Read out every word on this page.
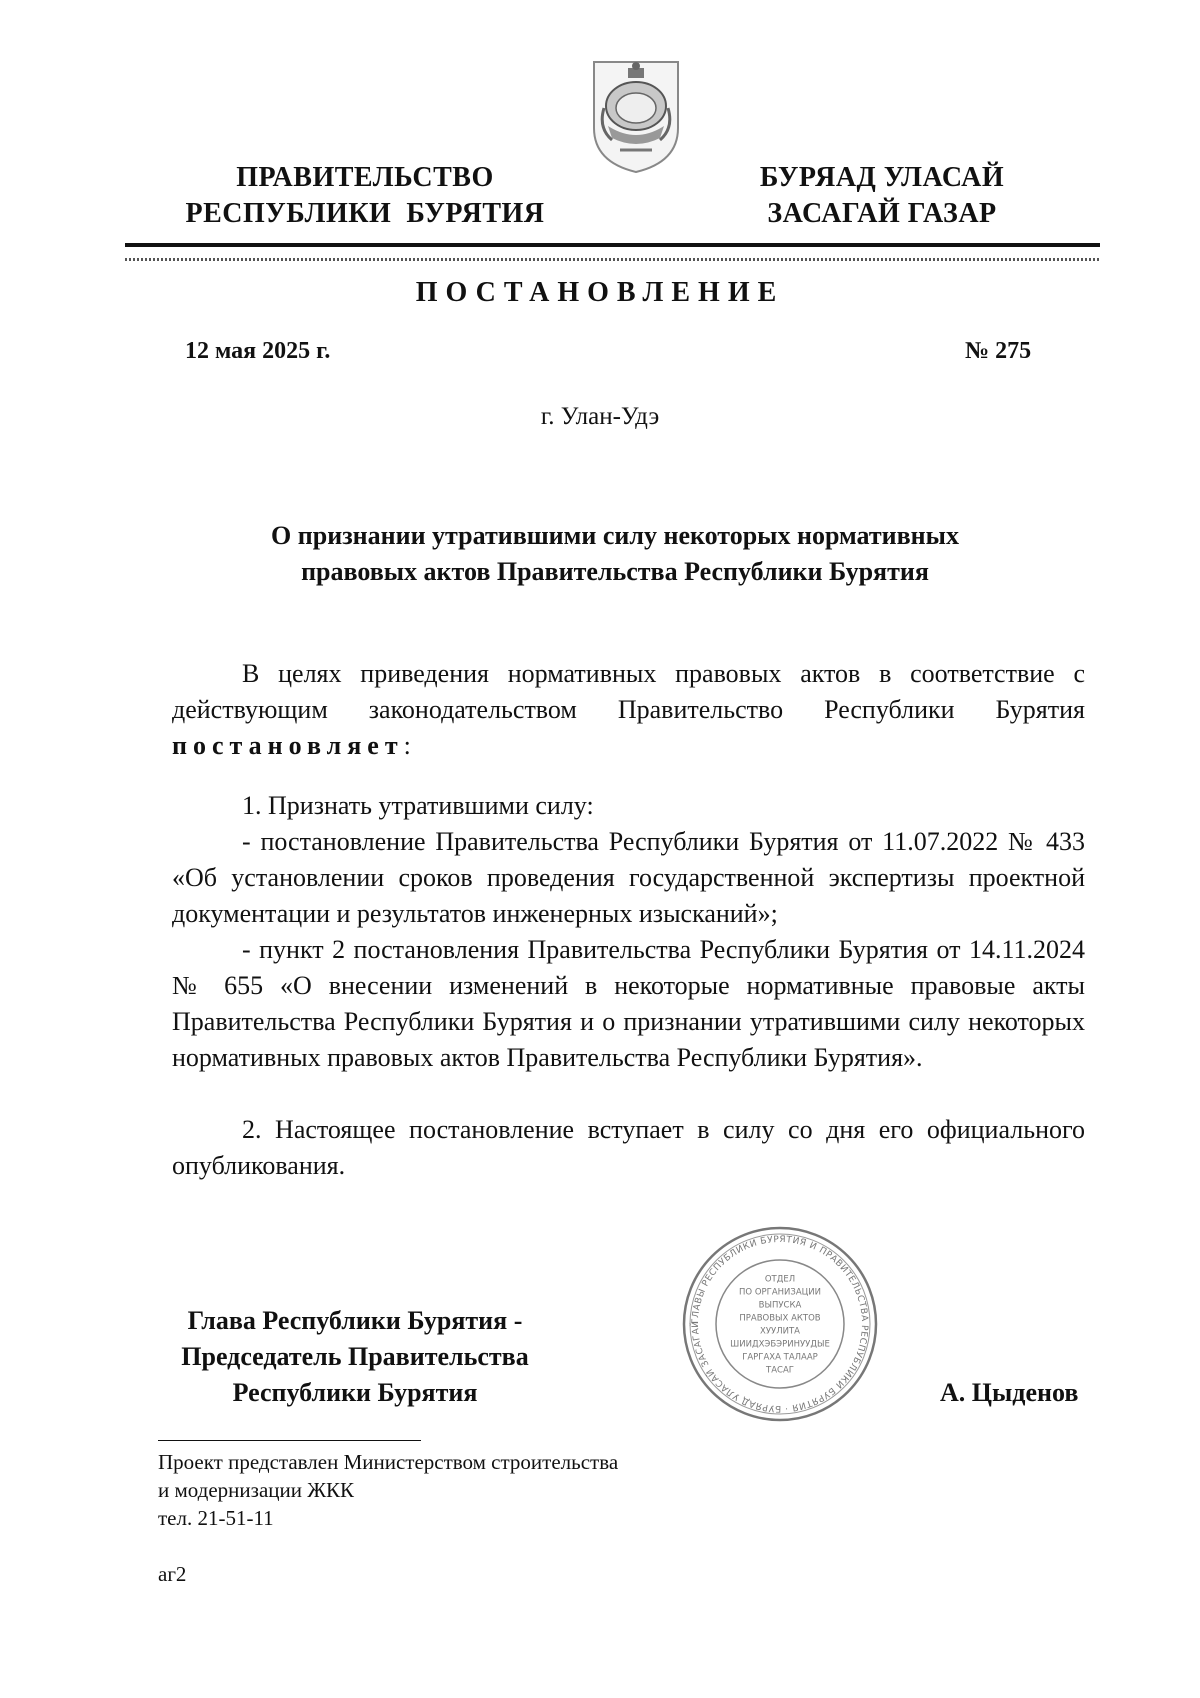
ПРАВИТЕЛЬСТВО
РЕСПУБЛИКИ  БУРЯТИЯ
БУРЯАД УЛАСАЙ
ЗАСАГАЙ ГАЗАР
ПОСТАНОВЛЕНИЕ
12 мая 2025 г.	№ 275
г. Улан-Удэ
О признании утратившими силу некоторых нормативных
правовых актов Правительства Республики Бурятия
В целях приведения нормативных правовых актов в соответствие с действующим законодательством Правительство Республики Бурятия постановляет:
1. Признать утратившими силу:
- постановление Правительства Республики Бурятия от 11.07.2022 № 433 «Об установлении сроков проведения государственной экспертизы проектной документации и результатов инженерных изысканий»;
- пункт 2 постановления Правительства Республики Бурятия от 14.11.2024 № 655 «О внесении изменений в некоторые нормативные правовые акты Правительства Республики Бурятия и о признании утратившими силу некоторых нормативных правовых актов Правительства Республики Бурятия».
2. Настоящее постановление вступает в силу со дня его официального опубликования.
Глава Республики Бурятия -
Председатель Правительства
Республики Бурятия	А. Цыденов
ГЛАВЫ РЕСПУБЛИКИ БУРЯТИЯ И ПРАВИТЕЛЬСТВА РЕСПУБЛИКИ БУРЯТИЯ · БУРЯАД УЛАСАЙ ЗАСАГАЙ
ОТДЕЛ
ПО ОРГАНИЗАЦИИ
ВЫПУСКА
ПРАВОВЫХ АКТОВ
ХУУЛИТА
ШИИДХЭБЭРИНУУДЫЕ
ГАРГАХА ТАЛААР
ТАСАГ
Проект представлен Министерством строительства
и модернизации ЖКК
тел. 21-51-11
аг2
